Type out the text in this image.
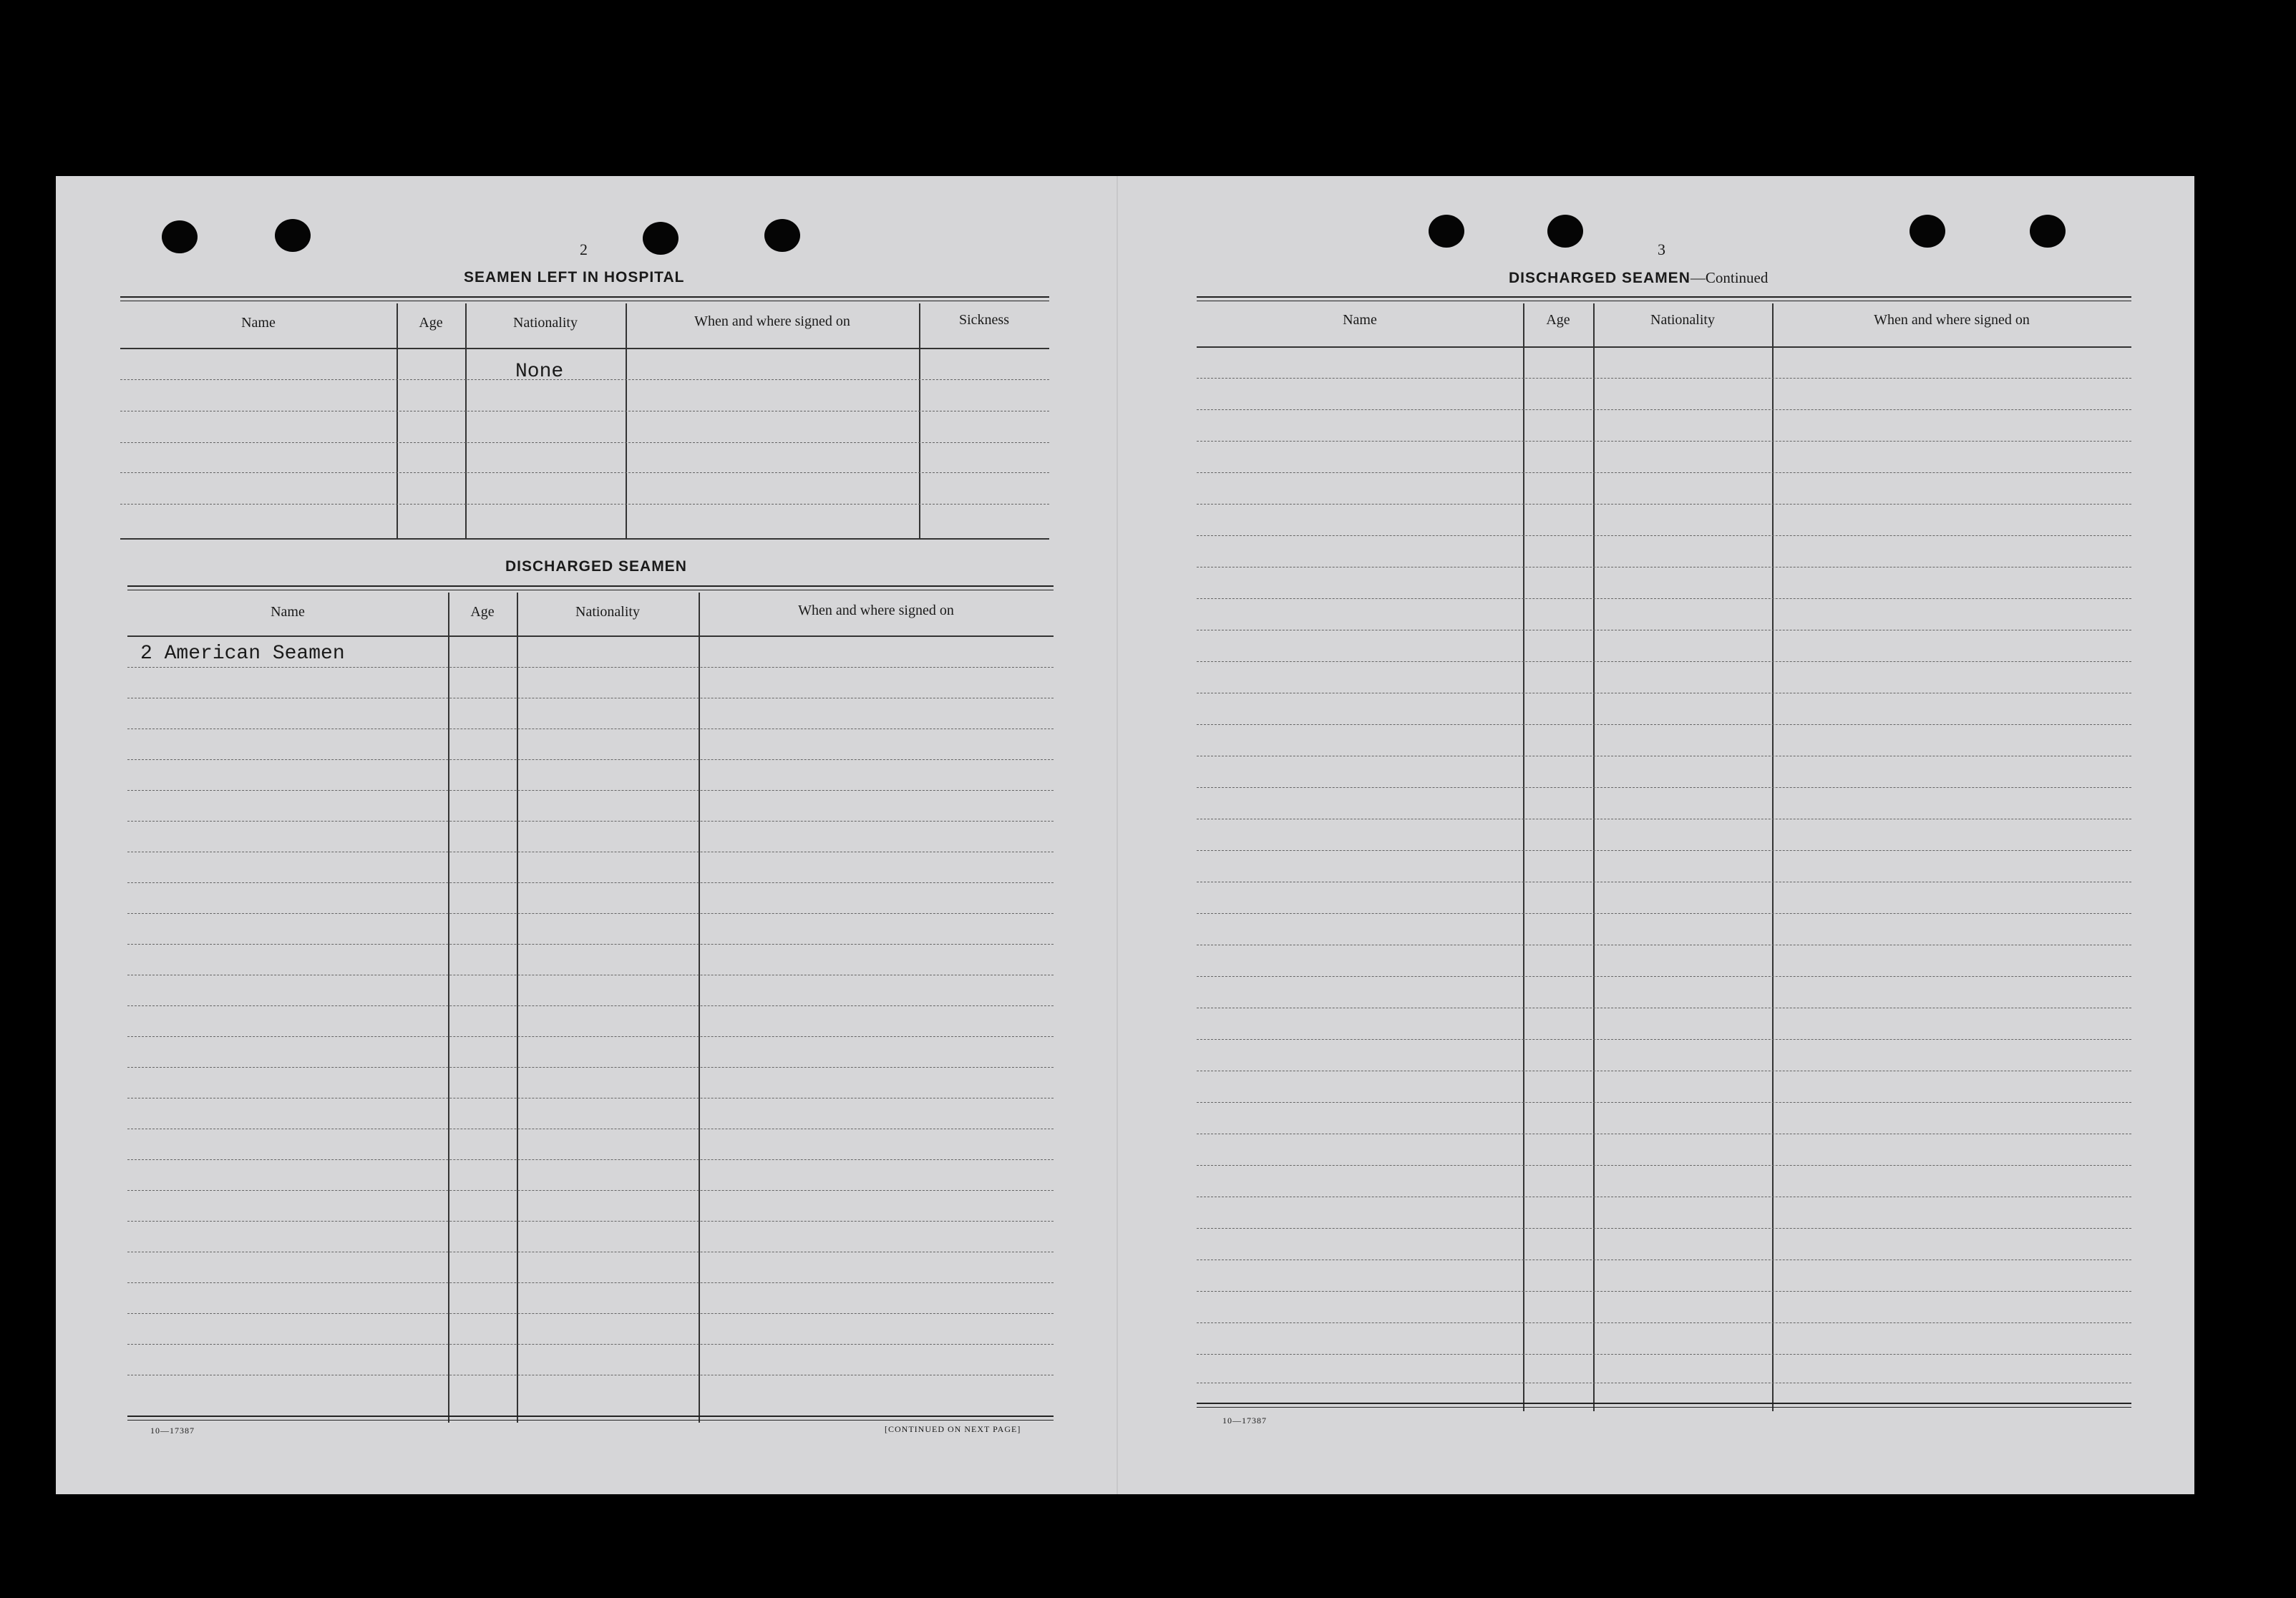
2
SEAMEN LEFT IN HOSPITAL
Name	Age	Nationality	When and where signed on	Sickness
None
DISCHARGED SEAMEN
Name	Age	Nationality	When and where signed on
2 American Seamen
10—17387	[CONTINUED ON NEXT PAGE]
3
DISCHARGED SEAMEN—Continued
Name	Age	Nationality	When and where signed on
10—17387
